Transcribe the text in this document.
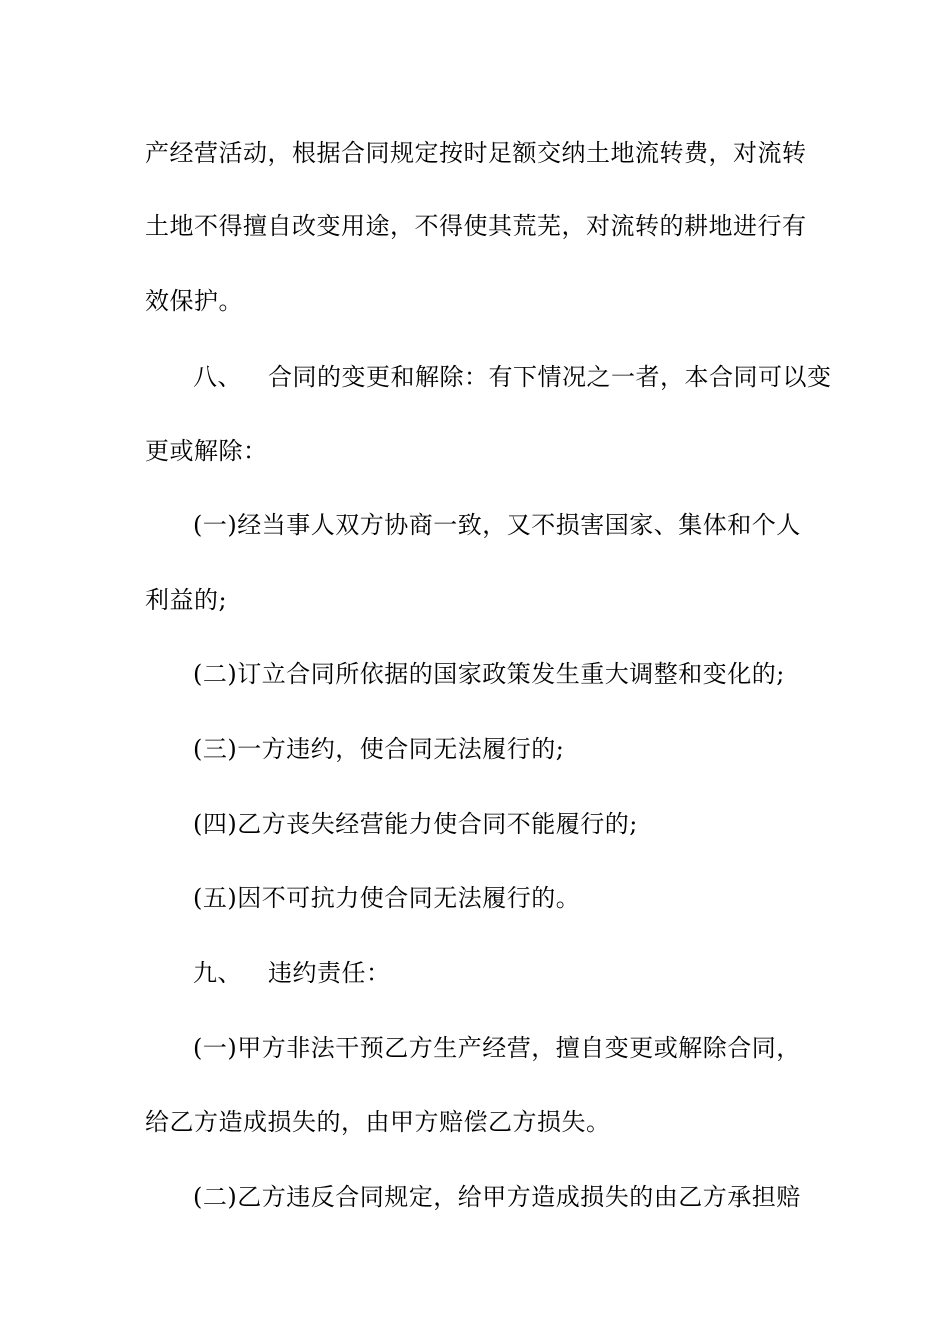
产经营活动，根据合同规定按时足额交纳土地流转费，对流转
土地不得擅自改变用途，不得使其荒芜，对流转的耕地进行有
效保护。
八、 合同的变更和解除：有下情况之一者，本合同可以变
更或解除：
(一)经当事人双方协商一致，又不损害国家、集体和个人
利益的;
(二)订立合同所依据的国家政策发生重大调整和变化的;
(三)一方违约，使合同无法履行的;
(四)乙方丧失经营能力使合同不能履行的;
(五)因不可抗力使合同无法履行的。
九、 违约责任：
(一)甲方非法干预乙方生产经营，擅自变更或解除合同，
给乙方造成损失的，由甲方赔偿乙方损失。
(二)乙方违反合同规定，给甲方造成损失的由乙方承担赔
